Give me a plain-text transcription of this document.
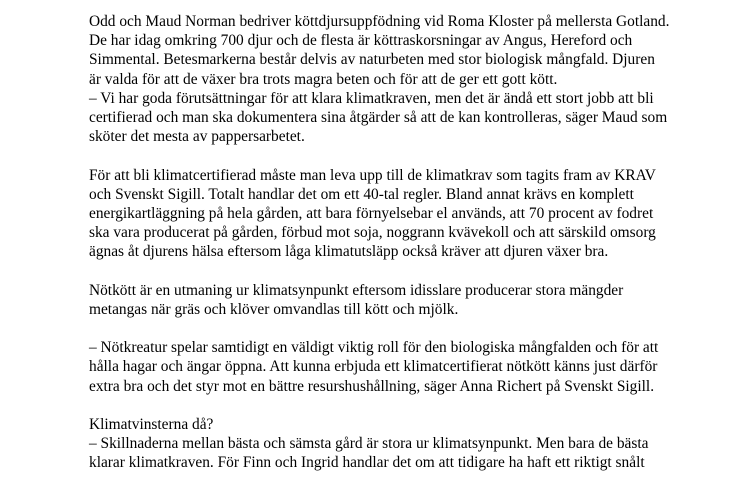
Odd och Maud Norman bedriver köttdjursuppfödning vid Roma Kloster på mellersta Gotland.
De har idag omkring 700 djur och de flesta är köttraskorsningar av Angus, Hereford och
Simmental. Betesmarkerna består delvis av naturbeten med stor biologisk mångfald. Djuren
är valda för att de växer bra trots magra beten och för att de ger ett gott kött.
– Vi har goda förutsättningar för att klara klimatkraven, men det är ändå ett stort jobb att bli
certifierad och man ska dokumentera sina åtgärder så att de kan kontrolleras, säger Maud som
sköter det mesta av pappersarbetet.
För att bli klimatcertifierad måste man leva upp till de klimatkrav som tagits fram av KRAV
och Svenskt Sigill. Totalt handlar det om ett 40-tal regler. Bland annat krävs en komplett
energikartläggning på hela gården, att bara förnyelsebar el används, att 70 procent av fodret
ska vara producerat på gården, förbud mot soja, noggrann kvävekoll och att särskild omsorg
ägnas åt djurens hälsa eftersom låga klimatutsläpp också kräver att djuren växer bra.
Nötkött är en utmaning ur klimatsynpunkt eftersom idisslare producerar stora mängder
metangas när gräs och klöver omvandlas till kött och mjölk.
– Nötkreatur spelar samtidigt en väldigt viktig roll för den biologiska mångfalden och för att
hålla hagar och ängar öppna. Att kunna erbjuda ett klimatcertifierat nötkött känns just därför
extra bra och det styr mot en bättre resurshushållning, säger Anna Richert på Svenskt Sigill.
Klimatvinsterna då?
– Skillnaderna mellan bästa och sämsta gård är stora ur klimatsynpunkt. Men bara de bästa
klarar klimatkraven. För Finn och Ingrid handlar det om att tidigare ha haft ett riktigt snålt
